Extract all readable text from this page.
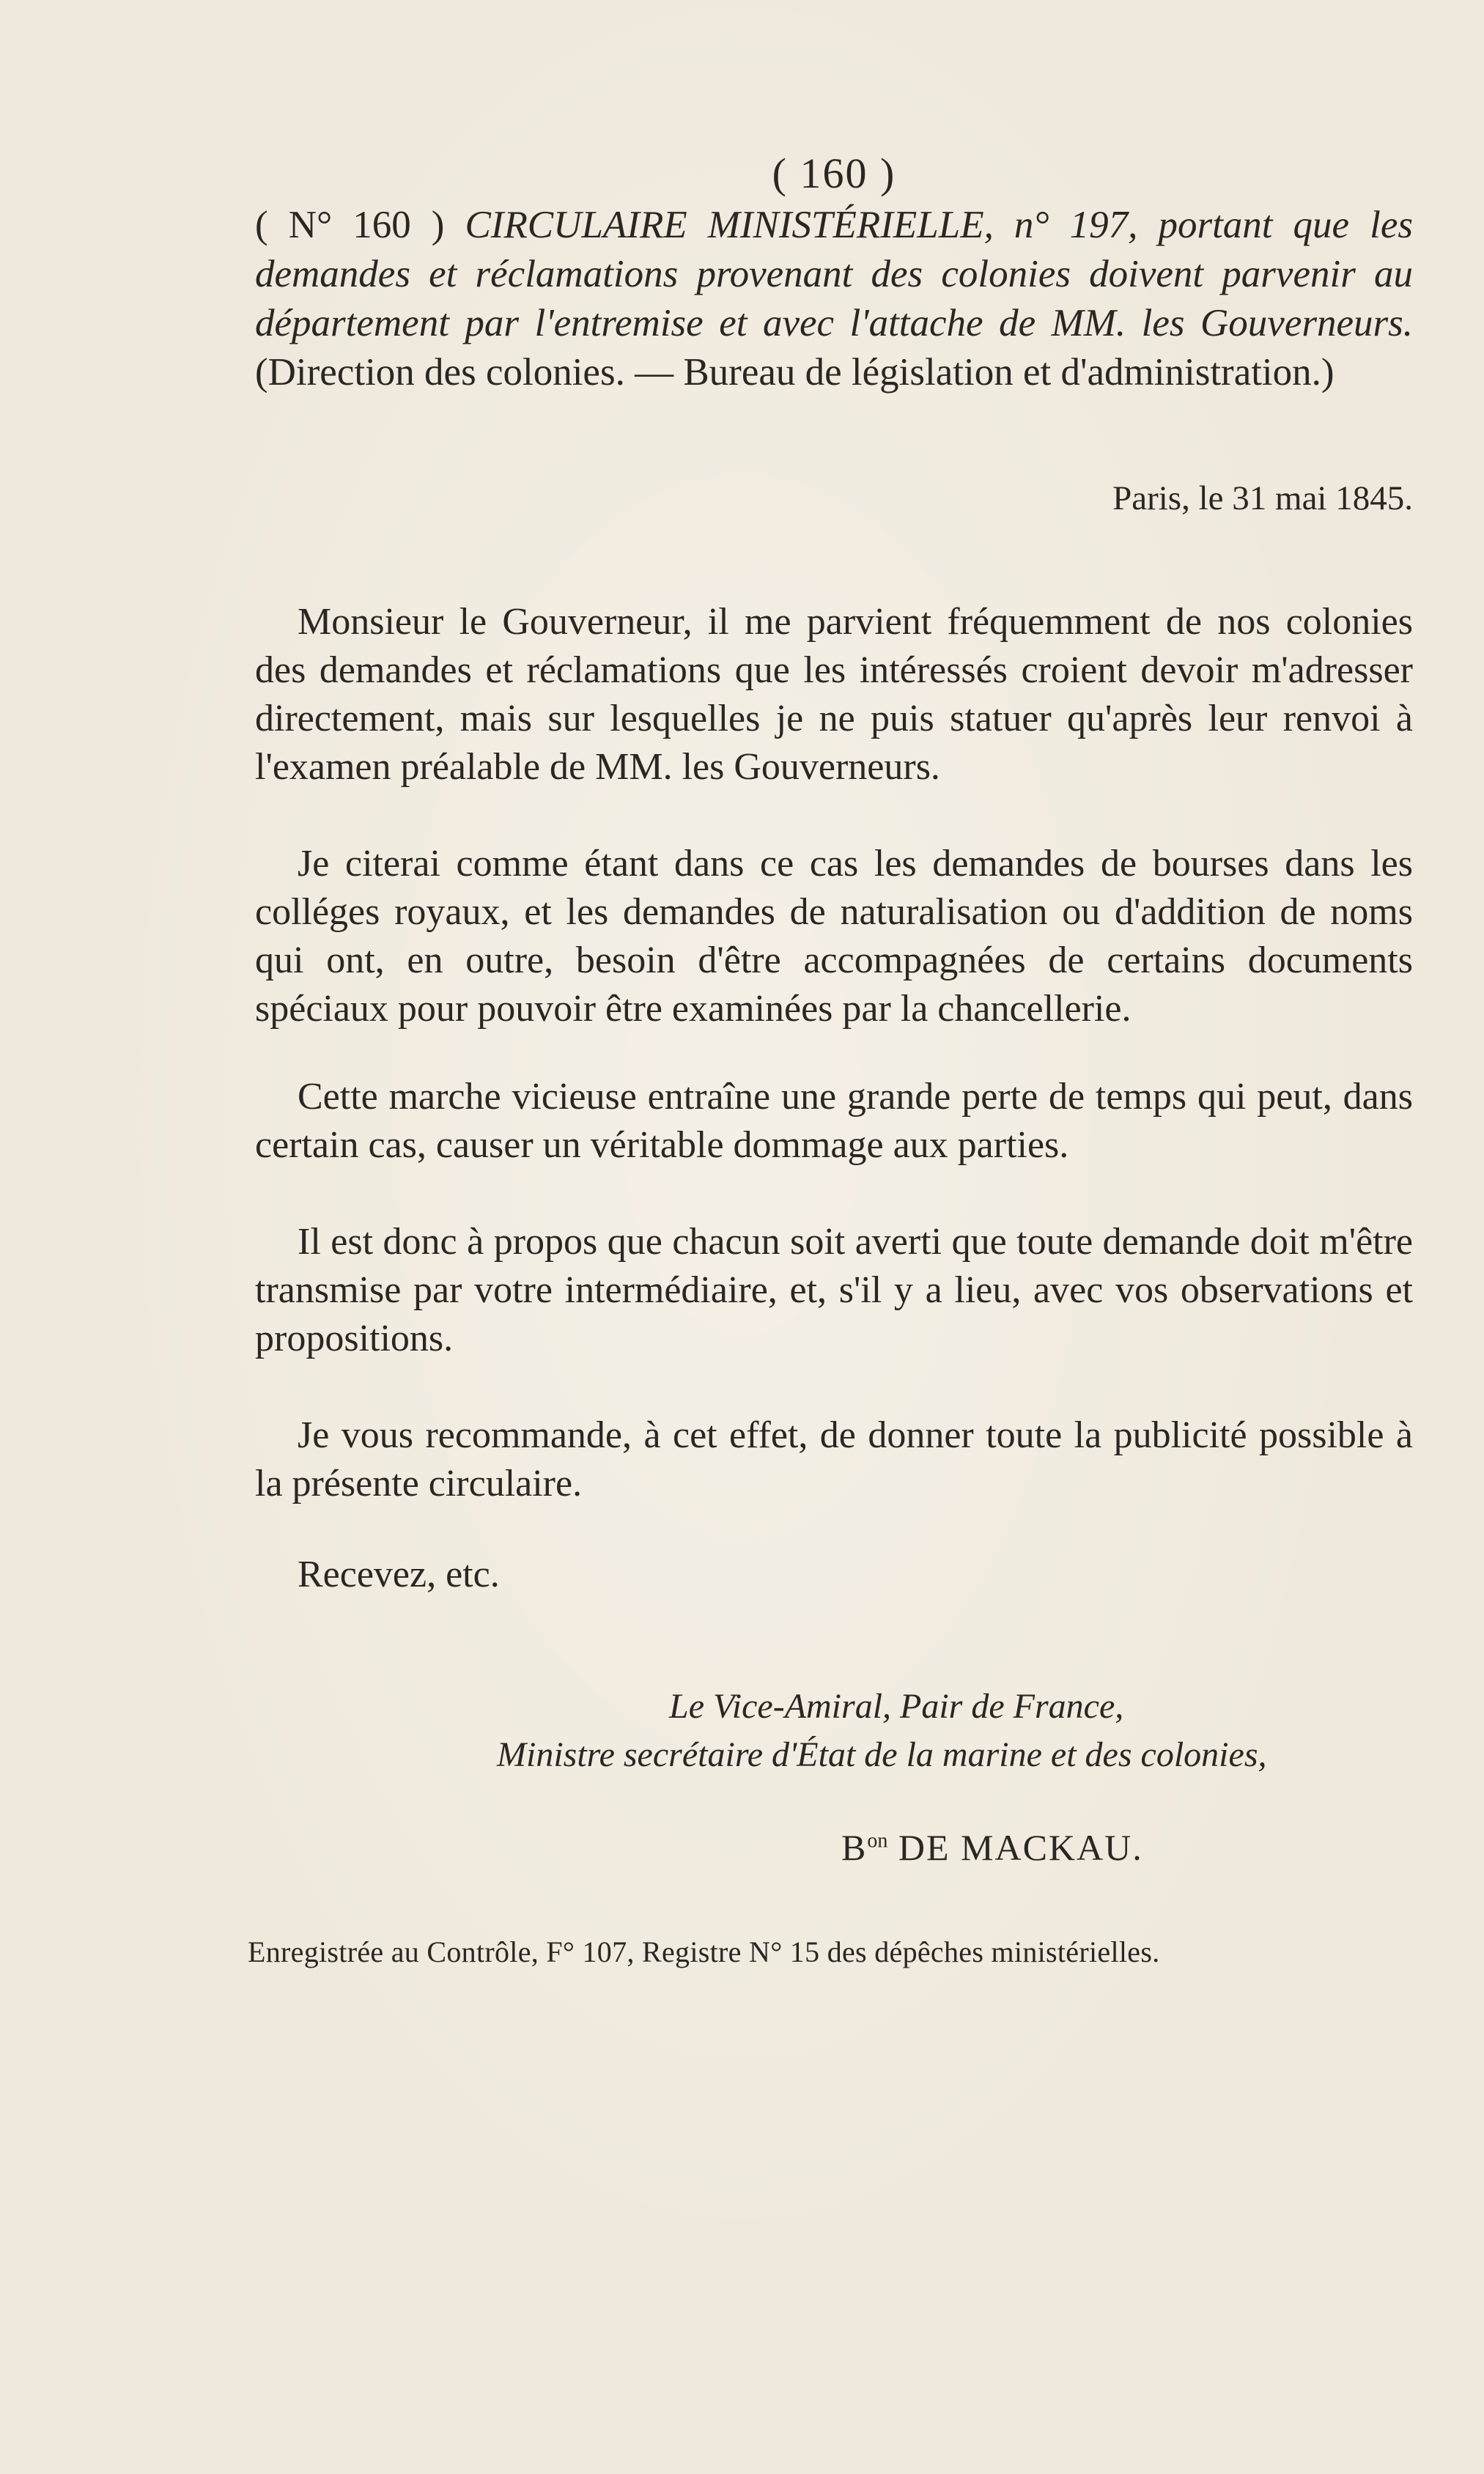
( 160 )
( N° 160 ) CIRCULAIRE MINISTÉRIELLE, n° 197, portant que les demandes et réclamations provenant des colonies doivent parvenir au département par l'entremise et avec l'attache de MM. les Gouverneurs. (Direction des colonies. — Bureau de législation et d'administration.)
Paris, le 31 mai 1845.

Monsieur le Gouverneur, il me parvient fréquemment de nos colonies des demandes et réclamations que les intéressés croient devoir m'adresser directement, mais sur lesquelles je ne puis statuer qu'après leur renvoi à l'examen préalable de MM. les Gouverneurs.

Je citerai comme étant dans ce cas les demandes de bourses dans les colléges royaux, et les demandes de naturalisation ou d'addition de noms qui ont, en outre, besoin d'être accompagnées de certains documents spéciaux pour pouvoir être examinées par la chancellerie.

Cette marche vicieuse entraîne une grande perte de temps qui peut, dans certain cas, causer un véritable dommage aux parties.

Il est donc à propos que chacun soit averti que toute demande doit m'être transmise par votre intermédiaire, et, s'il y a lieu, avec vos observations et propositions.

Je vous recommande, à cet effet, de donner toute la publicité possible à la présente circulaire.

Recevez, etc.
Le Vice-Amiral, Pair de France,
Ministre secrétaire d'État de la marine et des colonies,
$B^{on}$ DE MACKAU.
Enregistrée au Contrôle, F° 107, Registre N° 15 des dépêches ministérielles.
